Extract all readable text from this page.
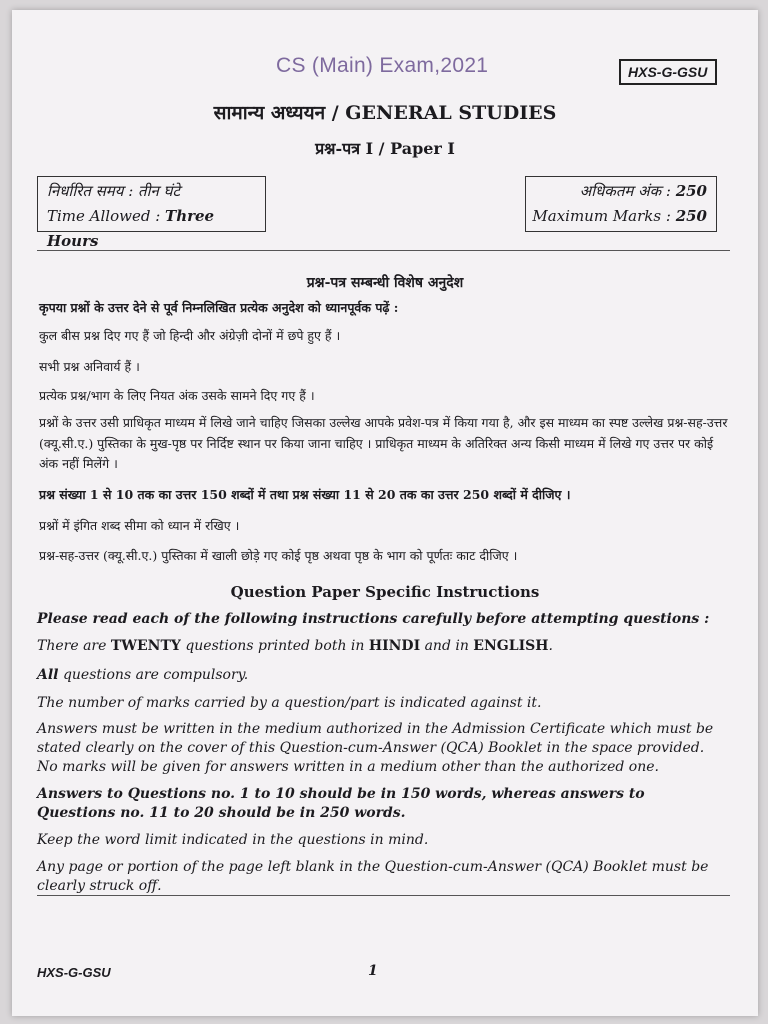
CS (Main) Exam,2021	HXS-G-GSU
सामान्य अध्ययन / GENERAL STUDIES
प्रश्न-पत्र I / Paper I
निर्धारित समय : तीन घंटे
Time Allowed : Three Hours
अधिकतम अंक : 250
Maximum Marks : 250
प्रश्न-पत्र सम्बन्धी विशेष अनुदेश
कृपया प्रश्नों के उत्तर देने से पूर्व निम्नलिखित प्रत्येक अनुदेश को ध्यानपूर्वक पढ़ें :
कुल बीस प्रश्न दिए गए हैं जो हिन्दी और अंग्रेज़ी दोनों में छपे हुए हैं ।
सभी प्रश्न अनिवार्य हैं ।
प्रत्येक प्रश्न/भाग के लिए नियत अंक उसके सामने दिए गए हैं ।
प्रश्नों के उत्तर उसी प्राधिकृत माध्यम में लिखे जाने चाहिए जिसका उल्लेख आपके प्रवेश-पत्र में किया गया है, और इस माध्यम का स्पष्ट उल्लेख प्रश्न-सह-उत्तर (क्यू.सी.ए.) पुस्तिका के मुख-पृष्ठ पर निर्दिष्ट स्थान पर किया जाना चाहिए । प्राधिकृत माध्यम के अतिरिक्त अन्य किसी माध्यम में लिखे गए उत्तर पर कोई अंक नहीं मिलेंगे ।
प्रश्न संख्या 1 से 10 तक का उत्तर 150 शब्दों में तथा प्रश्न संख्या 11 से 20 तक का उत्तर 250 शब्दों में दीजिए ।
प्रश्नों में इंगित शब्द सीमा को ध्यान में रखिए ।
प्रश्न-सह-उत्तर (क्यू.सी.ए.) पुस्तिका में खाली छोड़े गए कोई पृष्ठ अथवा पृष्ठ के भाग को पूर्णतः काट दीजिए ।
Question Paper Specific Instructions
Please read each of the following instructions carefully before attempting questions :
There are TWENTY questions printed both in HINDI and in ENGLISH.
All questions are compulsory.
The number of marks carried by a question/part is indicated against it.
Answers must be written in the medium authorized in the Admission Certificate which must be stated clearly on the cover of this Question-cum-Answer (QCA) Booklet in the space provided. No marks will be given for answers written in a medium other than the authorized one.
Answers to Questions no. 1 to 10 should be in 150 words, whereas answers to Questions no. 11 to 20 should be in 250 words.
Keep the word limit indicated in the questions in mind.
Any page or portion of the page left blank in the Question-cum-Answer (QCA) Booklet must be clearly struck off.
HXS-G-GSU	1
